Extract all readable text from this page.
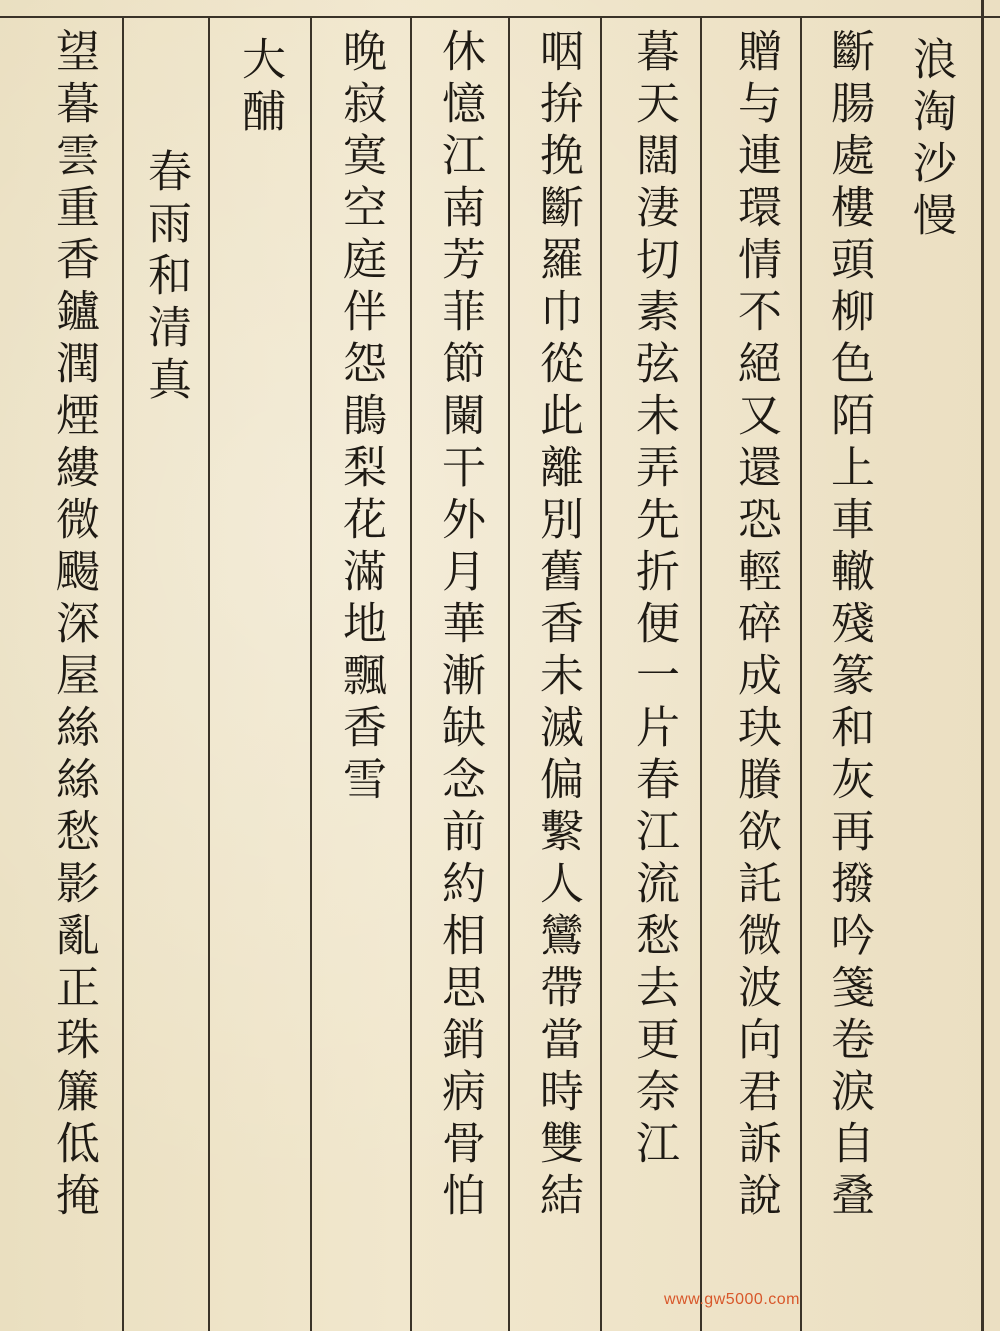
浪淘沙慢
斷腸處樓頭柳色陌上車轍殘篆和灰再撥吟箋卷淚自叠
贈与連環情不絕又還恐輕碎成玦賸欲託微波向君訴說
暮天闊淒切素弦未弄先折便一片春江流愁去更奈江
咽拚挽斷羅巾從此離別舊香未滅偏繫人鸞帶當時雙結
休憶江南芳菲節闌干外月華漸缺念前約相思銷病骨怕
晚寂寞空庭伴怨鵑梨花滿地飄香雪
大酺
春雨和清真
望暮雲重香鑪潤煙縷微颺深屋絲絲愁影亂正珠簾低掩
www.gw5000.com
